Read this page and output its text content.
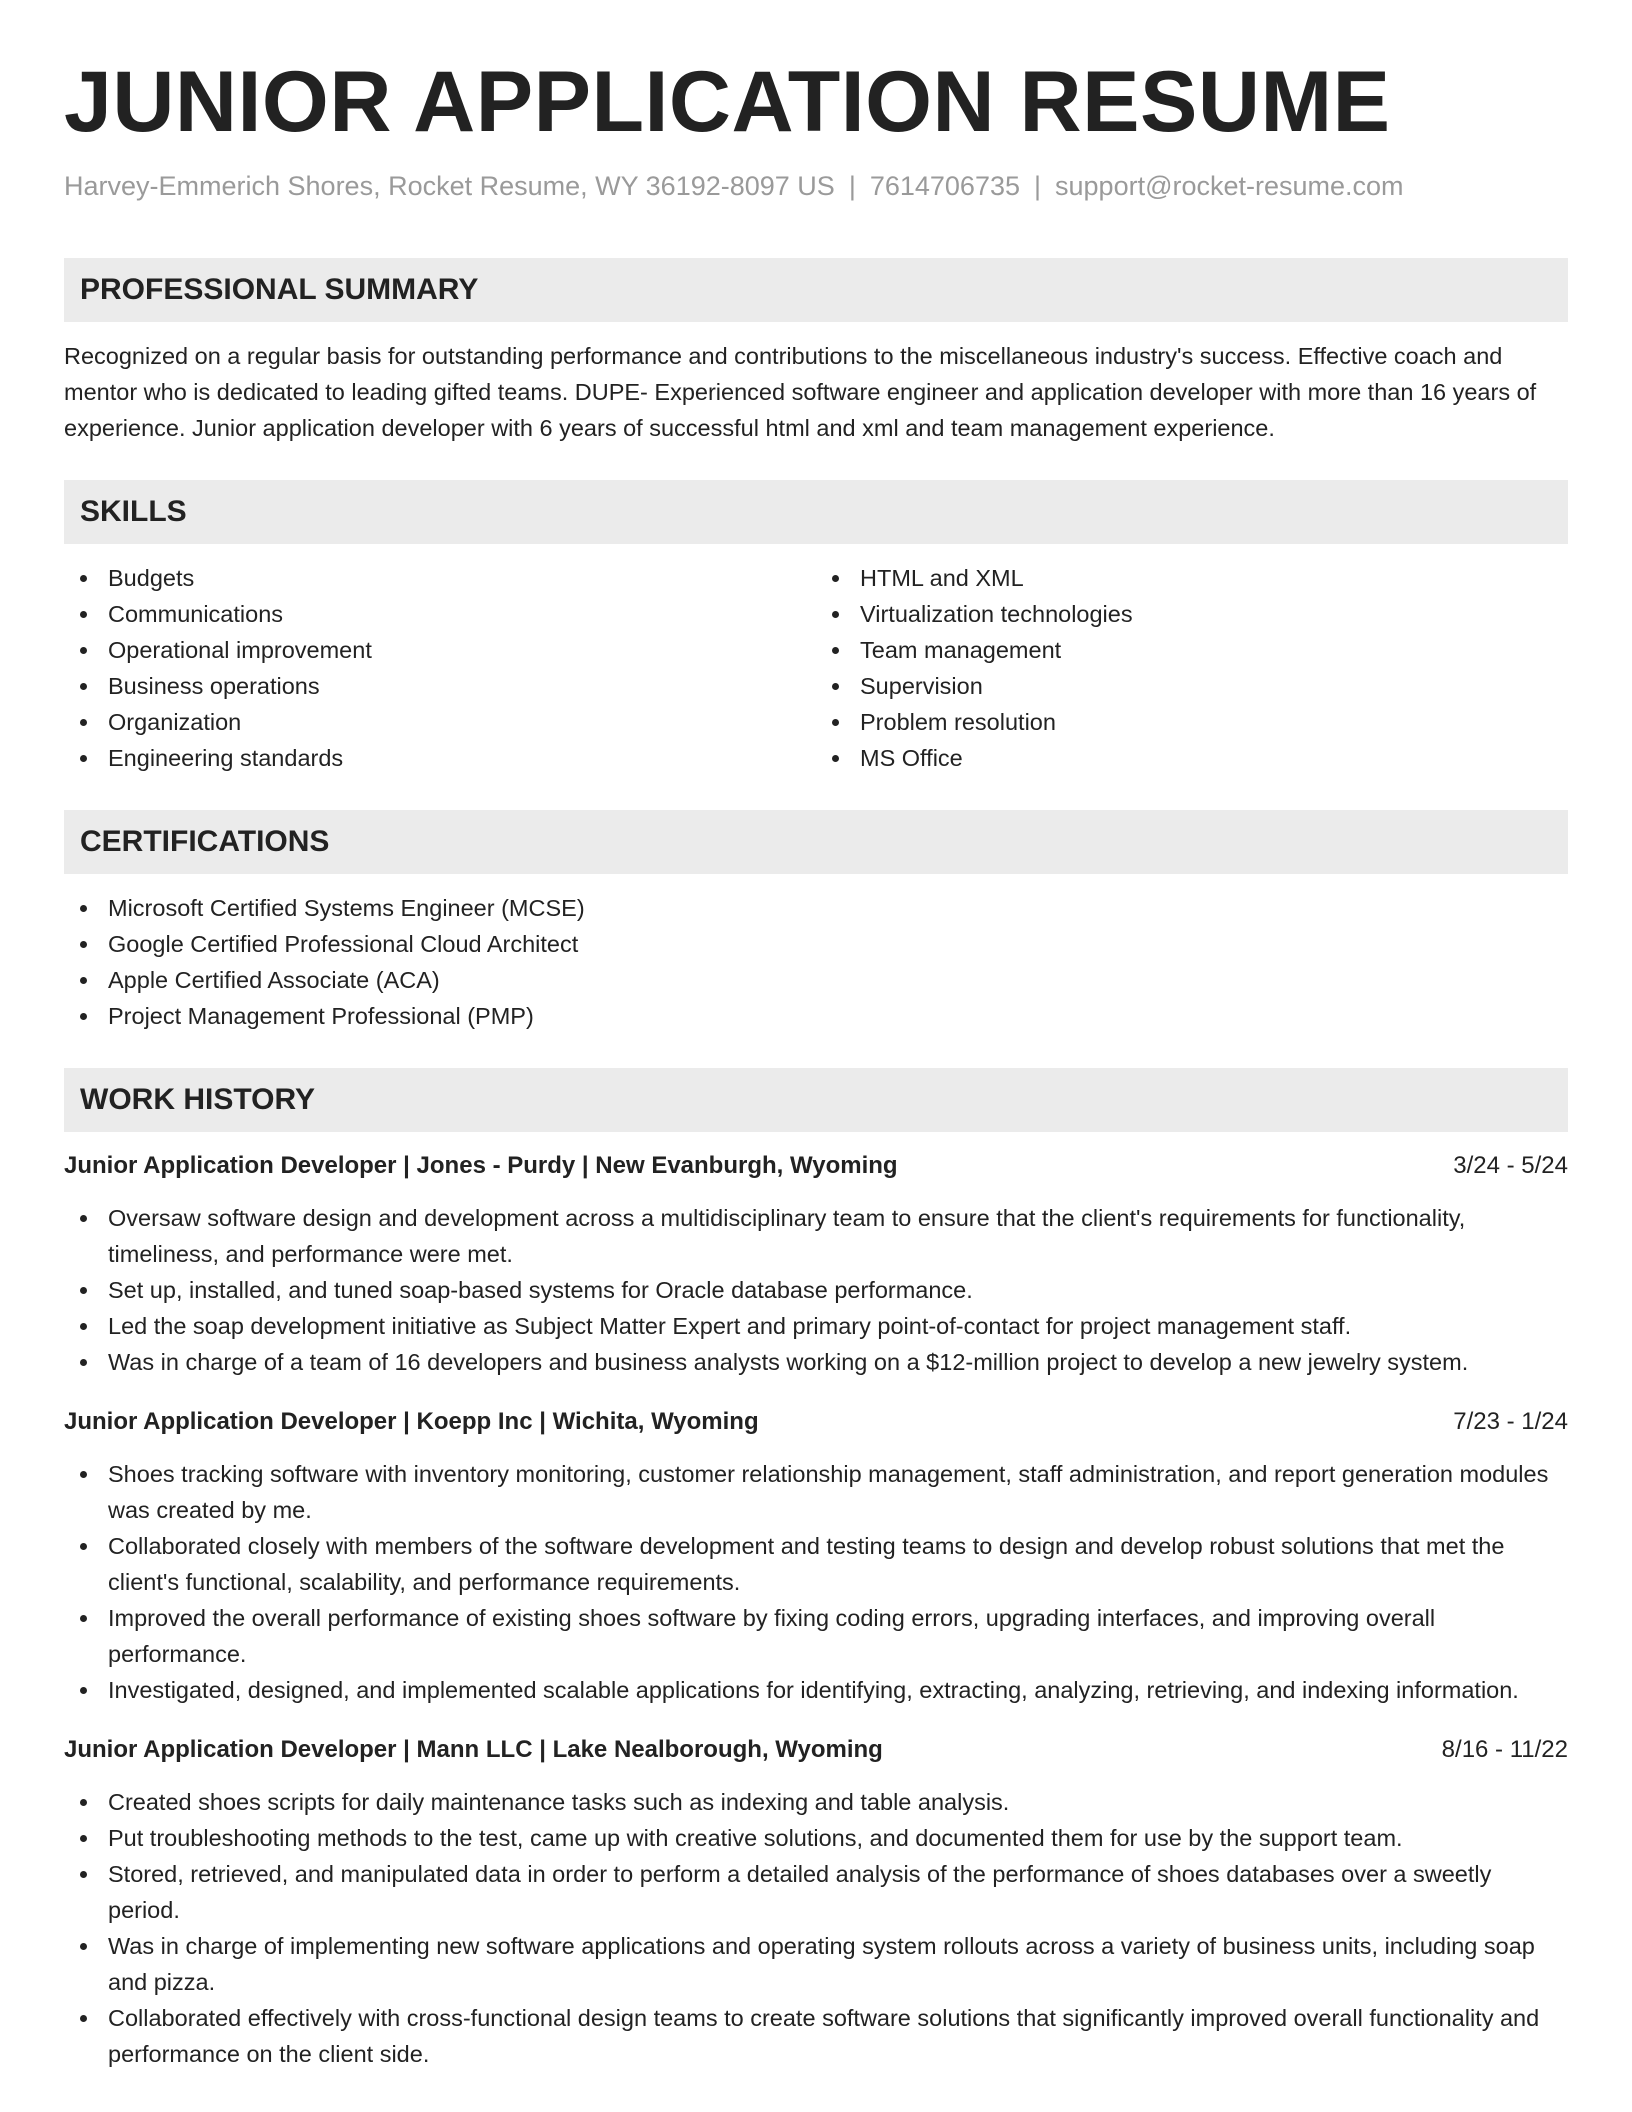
JUNIOR APPLICATION RESUME
Harvey-Emmerich Shores, Rocket Resume, WY 36192-8097 US | 7614706735 | support@rocket-resume.com
PROFESSIONAL SUMMARY
Recognized on a regular basis for outstanding performance and contributions to the miscellaneous industry's success. Effective coach and mentor who is dedicated to leading gifted teams. DUPE- Experienced software engineer and application developer with more than 16 years of experience. Junior application developer with 6 years of successful html and xml and team management experience.
SKILLS
Budgets
Communications
Operational improvement
Business operations
Organization
Engineering standards
HTML and XML
Virtualization technologies
Team management
Supervision
Problem resolution
MS Office
CERTIFICATIONS
Microsoft Certified Systems Engineer (MCSE)
Google Certified Professional Cloud Architect
Apple Certified Associate (ACA)
Project Management Professional (PMP)
WORK HISTORY
Junior Application Developer | Jones - Purdy | New Evanburgh, Wyoming	3/24 - 5/24
Oversaw software design and development across a multidisciplinary team to ensure that the client's requirements for functionality, timeliness, and performance were met.
Set up, installed, and tuned soap-based systems for Oracle database performance.
Led the soap development initiative as Subject Matter Expert and primary point-of-contact for project management staff.
Was in charge of a team of 16 developers and business analysts working on a $12-million project to develop a new jewelry system.
Junior Application Developer | Koepp Inc | Wichita, Wyoming	7/23 - 1/24
Shoes tracking software with inventory monitoring, customer relationship management, staff administration, and report generation modules was created by me.
Collaborated closely with members of the software development and testing teams to design and develop robust solutions that met the client's functional, scalability, and performance requirements.
Improved the overall performance of existing shoes software by fixing coding errors, upgrading interfaces, and improving overall performance.
Investigated, designed, and implemented scalable applications for identifying, extracting, analyzing, retrieving, and indexing information.
Junior Application Developer | Mann LLC | Lake Nealborough, Wyoming	8/16 - 11/22
Created shoes scripts for daily maintenance tasks such as indexing and table analysis.
Put troubleshooting methods to the test, came up with creative solutions, and documented them for use by the support team.
Stored, retrieved, and manipulated data in order to perform a detailed analysis of the performance of shoes databases over a sweetly period.
Was in charge of implementing new software applications and operating system rollouts across a variety of business units, including soap and pizza.
Collaborated effectively with cross-functional design teams to create software solutions that significantly improved overall functionality and performance on the client side.
